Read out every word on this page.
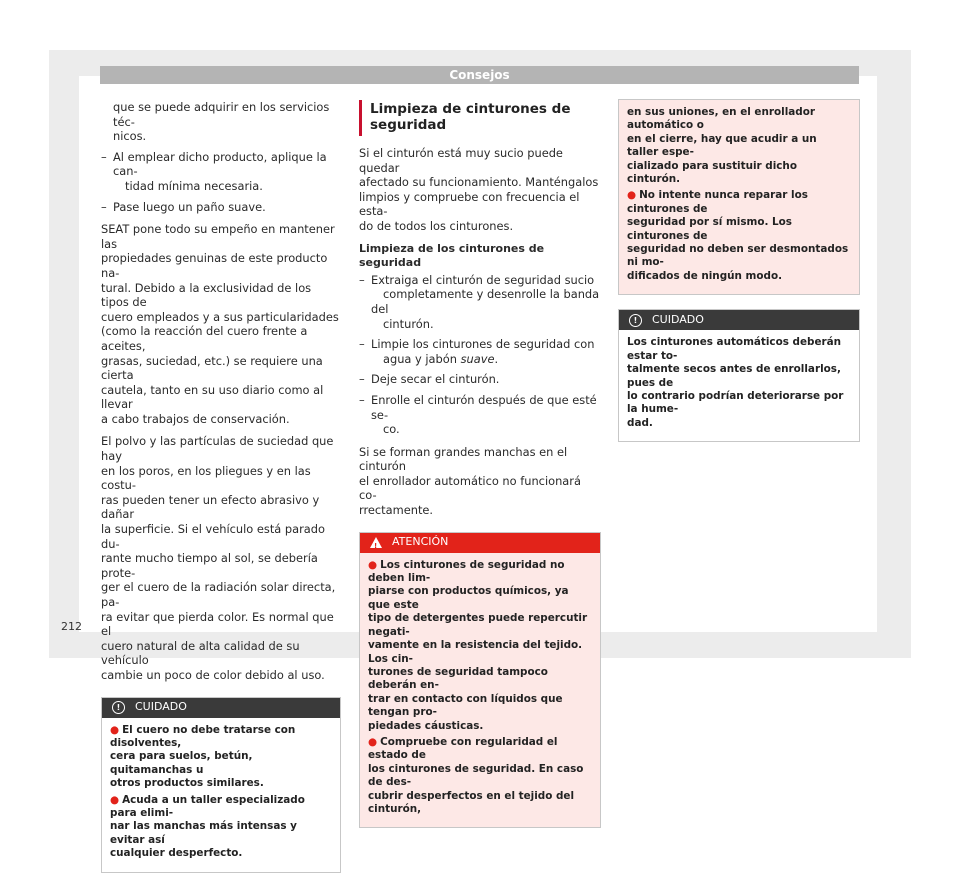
Consejos
que se puede adquirir en los servicios téc-
nicos.
– Al emplear dicho producto, aplique la can-
tidad mínima necesaria.
– Pase luego un paño suave.

SEAT pone todo su empeño en mantener las
propiedades genuinas de este producto na-
tural. Debido a la exclusividad de los tipos de
cuero empleados y a sus particularidades
(como la reacción del cuero frente a aceites,
grasas, suciedad, etc.) se requiere una cierta
cautela, tanto en su uso diario como al llevar
a cabo trabajos de conservación.

El polvo y las partículas de suciedad que hay
en los poros, en los pliegues y en las costu-
ras pueden tener un efecto abrasivo y dañar
la superficie. Si el vehículo está parado du-
rante mucho tiempo al sol, se debería prote-
ger el cuero de la radiación solar directa, pa-
ra evitar que pierda color. Es normal que el
cuero natural de alta calidad de su vehículo
cambie un poco de color debido al uso.

!	CUIDADO

● El cuero no debe tratarse con disolventes,
cera para suelos, betún, quitamanchas u
otros productos similares.

● Acuda a un taller especializado para elimi-
nar las manchas más intensas y evitar así
cualquier desperfecto.

Limpieza de cinturones de seguridad

Si el cinturón está muy sucio puede quedar
afectado su funcionamiento. Manténgalos
limpios y compruebe con frecuencia el esta-
do de todos los cinturones.

Limpieza de los cinturones de seguridad
– Extraiga el cinturón de seguridad sucio
completamente y desenrolle la banda del
cinturón.
– Limpie los cinturones de seguridad con
agua y jabón suave.
– Deje secar el cinturón.
– Enrolle el cinturón después de que esté se-
co.

Si se forman grandes manchas en el cinturón
el enrollador automático no funcionará co-
rrectamente.

! ATENCIÓN

● Los cinturones de seguridad no deben lim-
piarse con productos químicos, ya que este
tipo de detergentes puede repercutir negati-
vamente en la resistencia del tejido. Los cin-
turones de seguridad tampoco deberán en-
trar en contacto con líquidos que tengan pro-
piedades cáusticas.

● Compruebe con regularidad el estado de
los cinturones de seguridad. En caso de des-
cubrir desperfectos en el tejido del cinturón,

en sus uniones, en el enrollador automático o
en el cierre, hay que acudir a un taller espe-
cializado para sustituir dicho cinturón.

● No intente nunca reparar los cinturones de
seguridad por sí mismo. Los cinturones de
seguridad no deben ser desmontados ni mo-
dificados de ningún modo.

!	CUIDADO

Los cinturones automáticos deberán estar to-
talmente secos antes de enrollarlos, pues de
lo contrario podrían deteriorarse por la hume-
dad.

212
